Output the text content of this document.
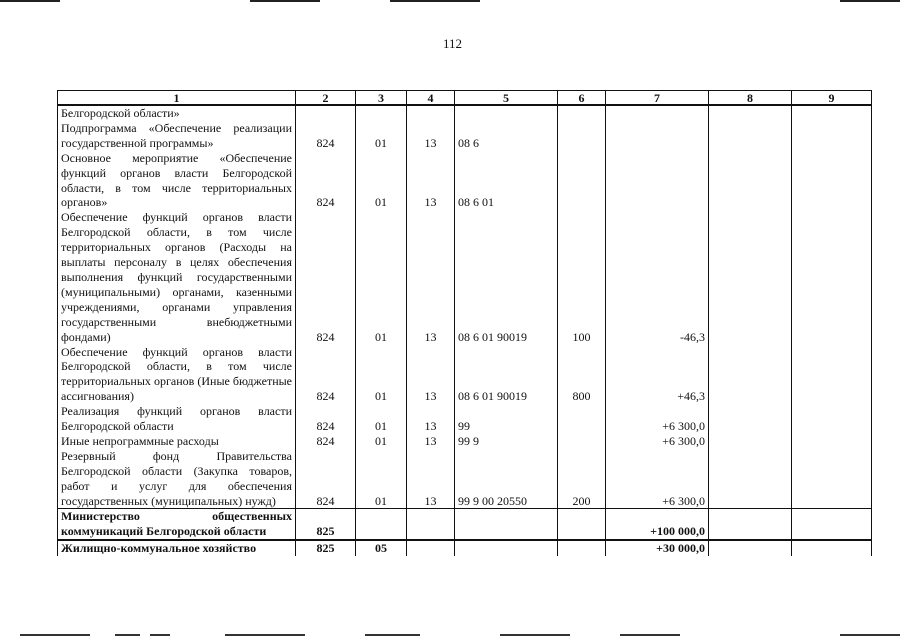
112
1	2	3	4	5	6	7	8	9
Белгородской области»								
Подпрограмма «Обеспечение реализации государственной программы»	824	01	13	08 6				
Основное мероприятие «Обеспечение функций органов власти Белгородской области, в том числе территориальных органов»	824	01	13	08 6 01				
Обеспечение функций органов власти Белгородской области, в том числе территориальных органов (Расходы на выплаты персоналу в целях обеспечения выполнения функций государственными (муниципальными) органами, казенными учреждениями, органами управления государственными внебюджетными фондами)	824	01	13	08 6 01 90019	100	-46,3		
Обеспечение функций органов власти Белгородской области, в том числе территориальных органов (Иные бюджетные ассигнования)	824	01	13	08 6 01 90019	800	+46,3		
Реализация функций органов власти Белгородской области	824	01	13	99		+6 300,0		
Иные непрограммные расходы	824	01	13	99 9		+6 300,0		
Резервный фонд Правительства Белгородской области (Закупка товаров, работ и услуг для обеспечения государственных (муниципальных) нужд)	824	01	13	99 9 00 20550	200	+6 300,0		
Министерство общественных коммуникаций Белгородской области	825					+100 000,0		
Жилищно-коммунальное хозяйство	825	05				+30 000,0		
